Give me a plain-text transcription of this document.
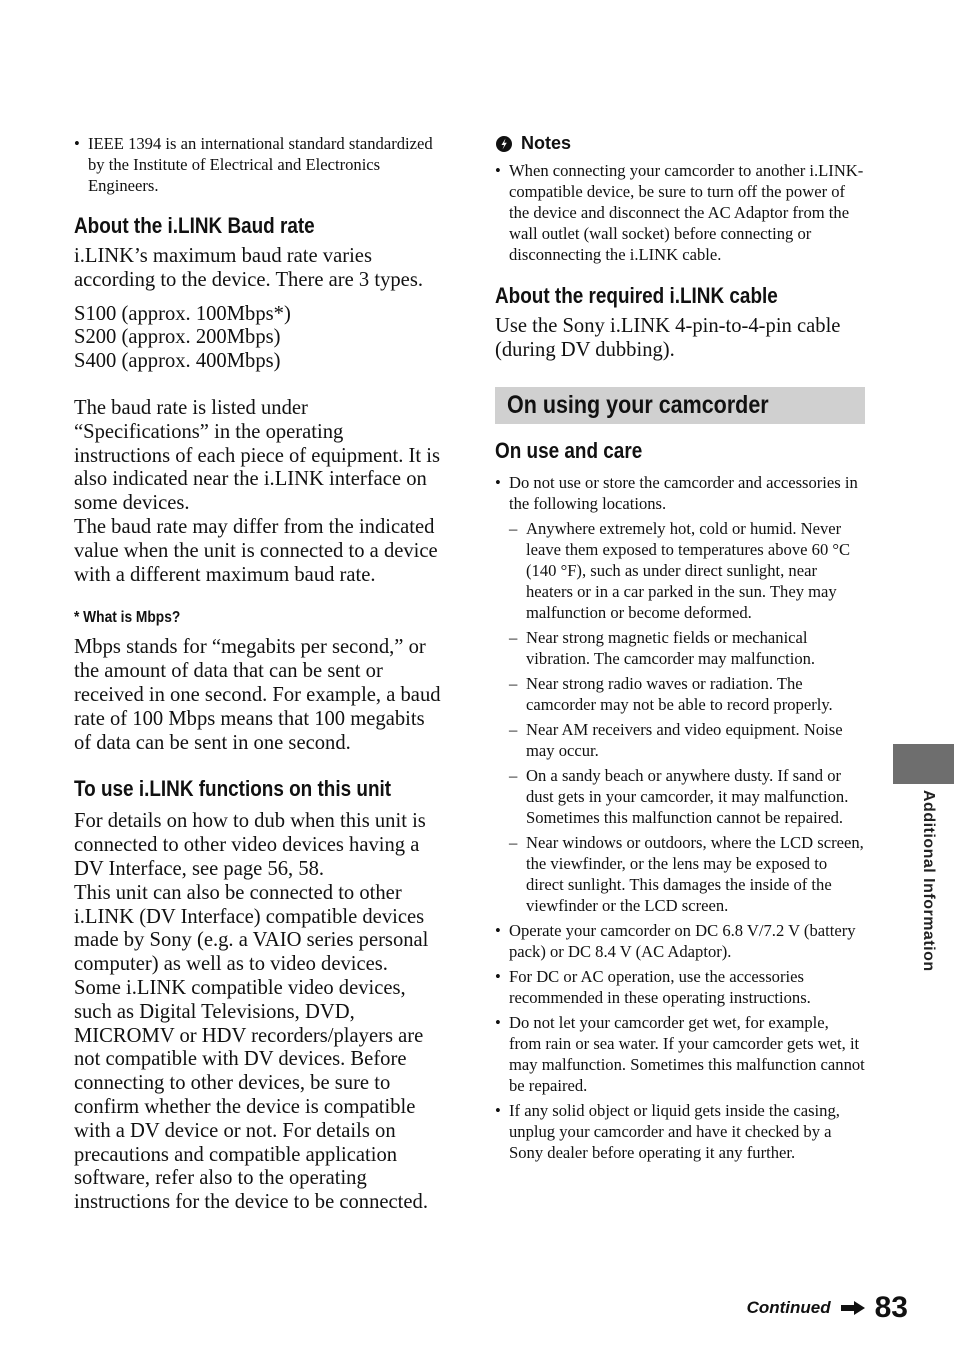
• IEEE 1394 is an international standard standardized by the Institute of Electrical and Electronics Engineers.
About the i.LINK Baud rate

i.LINK’s maximum baud rate varies according to the device. There are 3 types.

S100 (approx. 100Mbps*)
S200 (approx. 200Mbps)
S400 (approx. 400Mbps)

The baud rate is listed under “Specifications” in the operating instructions of each piece of equipment. It is also indicated near the i.LINK interface on some devices.

The baud rate may differ from the indicated value when the unit is connected to a device with a different maximum baud rate.

* What is Mbps?

Mbps stands for “megabits per second,” or the amount of data that can be sent or received in one second. For example, a baud rate of 100 Mbps means that 100 megabits of data can be sent in one second.

To use i.LINK functions on this unit

For details on how to dub when this unit is connected to other video devices having a DV Interface, see page 56, 58.

This unit can also be connected to other i.LINK (DV Interface) compatible devices made by Sony (e.g. a VAIO series personal computer) as well as to video devices.

Some i.LINK compatible video devices, such as Digital Televisions, DVD, MICROMV or HDV recorders/players are not compatible with DV devices. Before connecting to other devices, be sure to confirm whether the device is compatible with a DV device or not. For details on precautions and compatible application software, refer also to the operating instructions for the device to be connected.

Notes
• When connecting your camcorder to another i.LINK-compatible device, be sure to turn off the power of the device and disconnect the AC Adaptor from the wall outlet (wall socket) before connecting or disconnecting the i.LINK cable.
About the required i.LINK cable

Use the Sony i.LINK 4-pin-to-4-pin cable (during DV dubbing).

On using your camcorder
On use and care
• Do not use or store the camcorder and accessories in the following locations.
– Anywhere extremely hot, cold or humid. Never leave them exposed to temperatures above 60 °C (140 °F), such as under direct sunlight, near heaters or in a car parked in the sun. They may malfunction or become deformed.
– Near strong magnetic fields or mechanical vibration. The camcorder may malfunction.
– Near strong radio waves or radiation. The camcorder may not be able to record properly.
– Near AM receivers and video equipment. Noise may occur.
– On a sandy beach or anywhere dusty. If sand or dust gets in your camcorder, it may malfunction. Sometimes this malfunction cannot be repaired.
– Near windows or outdoors, where the LCD screen, the viewfinder, or the lens may be exposed to direct sunlight. This damages the inside of the viewfinder or the LCD screen.
• Operate your camcorder on DC 6.8 V/7.2 V (battery pack) or DC 8.4 V (AC Adaptor).
• For DC or AC operation, use the accessories recommended in these operating instructions.
• Do not let your camcorder get wet, for example, from rain or sea water. If your camcorder gets wet, it may malfunction. Sometimes this malfunction cannot be repaired.
• If any solid object or liquid gets inside the casing, unplug your camcorder and have it checked by a Sony dealer before operating it any further.
Additional Information
Continued 83
